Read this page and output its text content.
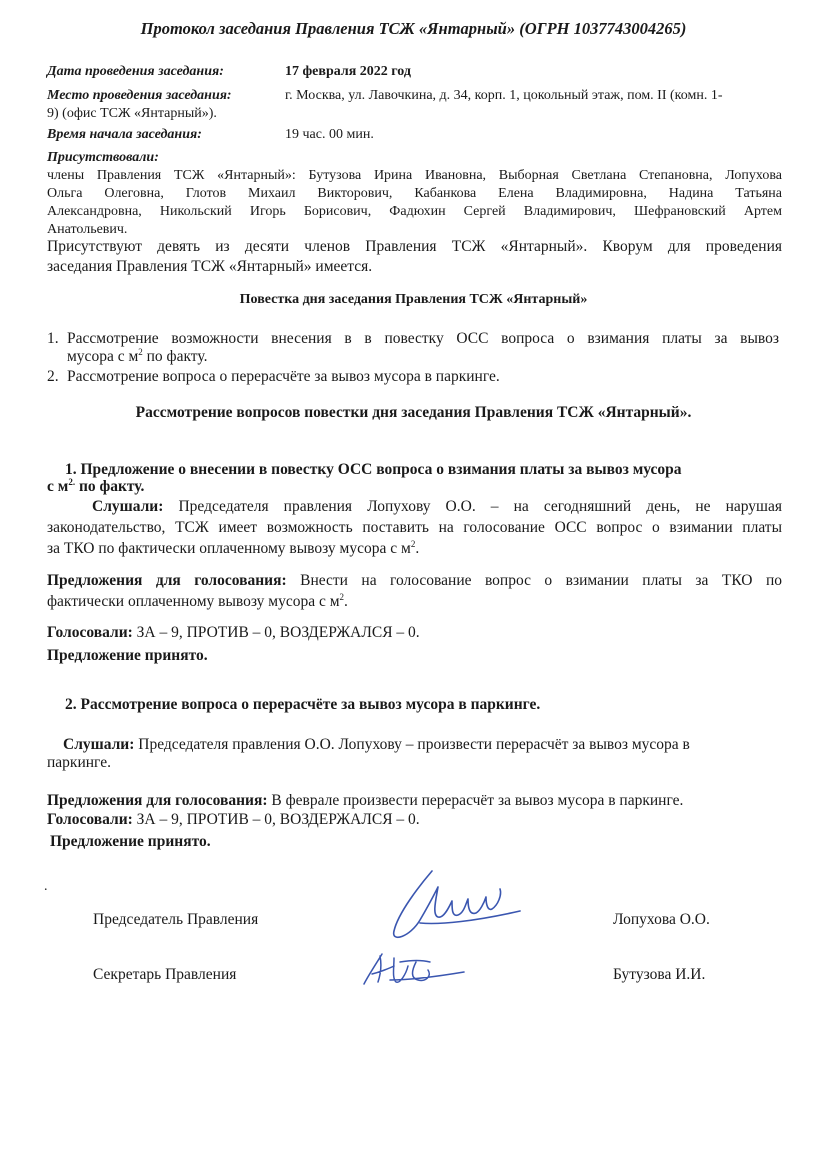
Протокол заседания Правления ТСЖ «Янтарный» (ОГРН 1037743004265)
Дата проведения заседания:	17 февраля 2022 год
Место проведения заседания:	г. Москва, ул. Лавочкина, д. 34, корп. 1, цокольный этаж, пом. II (комн. 1-
9) (офис ТСЖ «Янтарный»).
Время начала заседания:	19 час. 00 мин.
Присутствовали:
члены Правления ТСЖ «Янтарный»: Бутузова Ирина Ивановна, Выборная Светлана Степановна, Лопухова
Ольга Олеговна, Глотов Михаил Викторович, Кабанкова Елена Владимировна, Надина Татьяна
Александровна, Никольский Игорь Борисович, Фадюхин Сергей Владимирович, Шефрановский Артем
Анатольевич.
Присутствуют девять из десяти членов Правления ТСЖ «Янтарный». Кворум для проведения
заседания Правления ТСЖ «Янтарный» имеется.
Повестка дня заседания Правления ТСЖ «Янтарный»
1. Рассмотрение возможности внесения в в повестку ОСС вопроса о взимания платы за вывоз
мусора с $м^2$ по факту.
2. Рассмотрение вопроса о перерасчёте за вывоз мусора в паркинге.
Рассмотрение вопросов повестки дня заседания Правления ТСЖ «Янтарный».
1. Предложение о внесении в повестку ОСС вопроса о взимания платы за вывоз мусора
с $м^{2.}$ по факту.
Слушали: Председателя правления Лопухову О.О. – на сегодняшний день, не нарушая
законодательство, ТСЖ имеет возможность поставить на голосование ОСС вопрос о взимании платы
за ТКО по фактически оплаченному вывозу мусора с $м^2$.
Предложения для голосования: Внести на голосование вопрос о взимании платы за ТКО по
фактически оплаченному вывозу мусора с $м^2$.
Голосовали: ЗА – 9, ПРОТИВ – 0, ВОЗДЕРЖАЛСЯ – 0.
Предложение принято.
2. Рассмотрение вопроса о перерасчёте за вывоз мусора в паркинге.
Слушали: Председателя правления О.О. Лопухову – произвести перерасчёт за вывоз мусора в
паркинге.
Предложения для голосования: В феврале произвести перерасчёт за вывоз мусора в паркинге.
Голосовали: ЗА – 9, ПРОТИВ – 0, ВОЗДЕРЖАЛСЯ – 0.
Предложение принято.
.
Председатель Правления	Лопухова О.О.
Секретарь Правления	Бутузова И.И.
